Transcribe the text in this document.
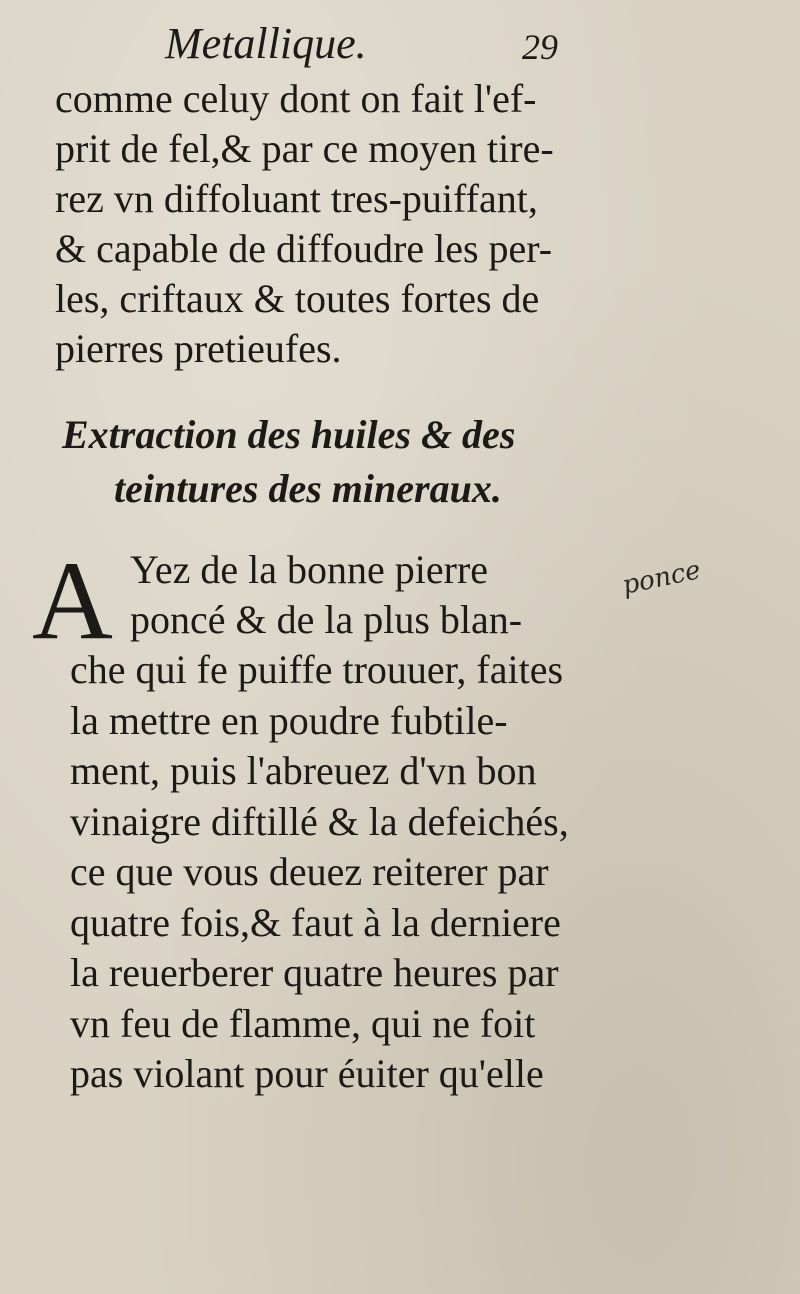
Metallique.	29
comme celuy dont on fait l'ef-
prit de fel,& par ce moyen tire-
rez vn diffoluant tres-puiffant,
& capable de diffoudre les per-
les, criftaux & toutes fortes de
pierres pretieufes.
Extraction des huiles & des
teintures des mineraux.
A Yez de la bonne pierre
poncé & de la plus blan-
che qui fe puiffe trouuer, faites
la mettre en poudre fubtile-
ment, puis l'abreuez d'vn bon
vinaigre diftillé & la defeichés,
ce que vous deuez reiterer par
quatre fois,& faut à la derniere
la reuerberer quatre heures par
vn feu de flamme, qui ne foit
pas violant pour éuiter qu'elle
ponce
